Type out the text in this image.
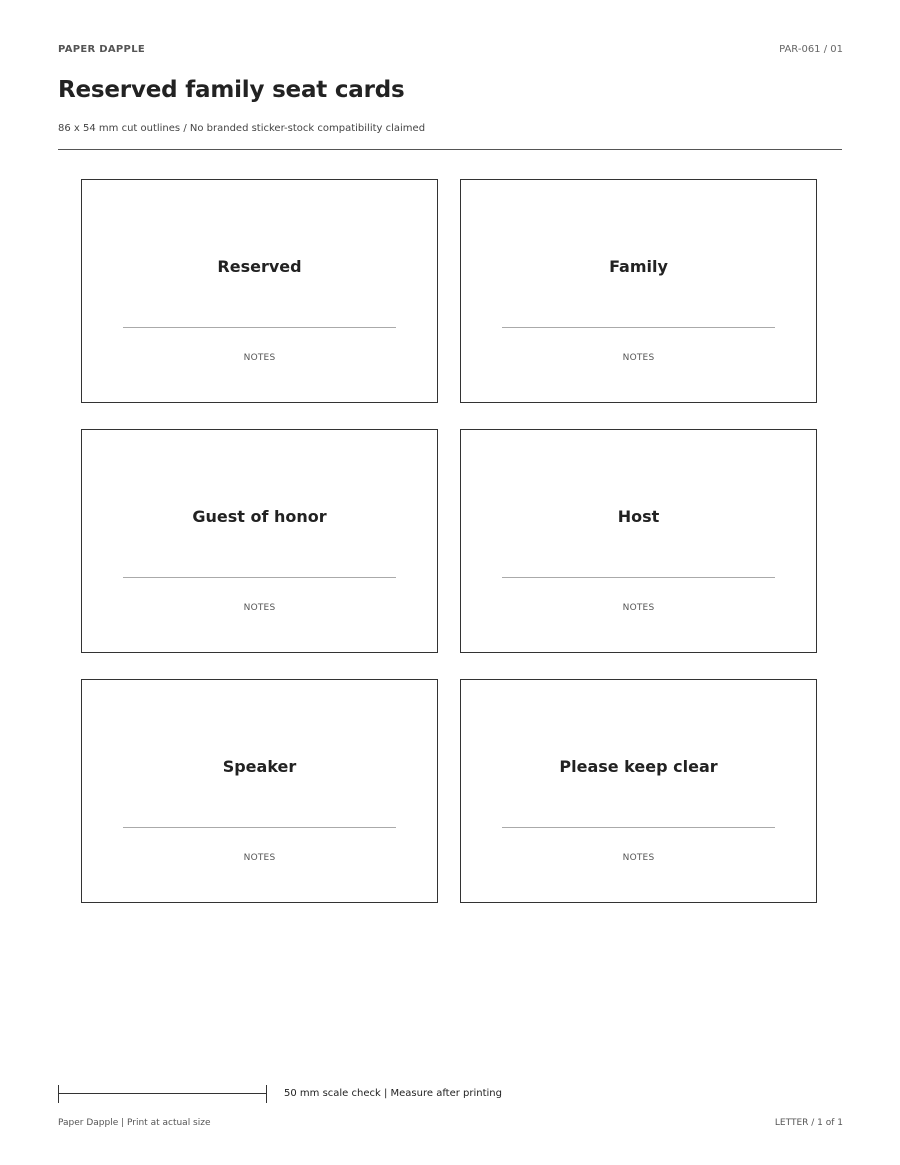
PAPER DAPPLE	PAR-061 / 01
Reserved family seat cards
86 x 54 mm cut outlines / No branded sticker-stock compatibility claimed
Reserved
NOTES
Family
NOTES
Guest of honor
NOTES
Host
NOTES
Speaker
NOTES
Please keep clear
NOTES
50 mm scale check | Measure after printing
Paper Dapple | Print at actual size	LETTER / 1 of 1
